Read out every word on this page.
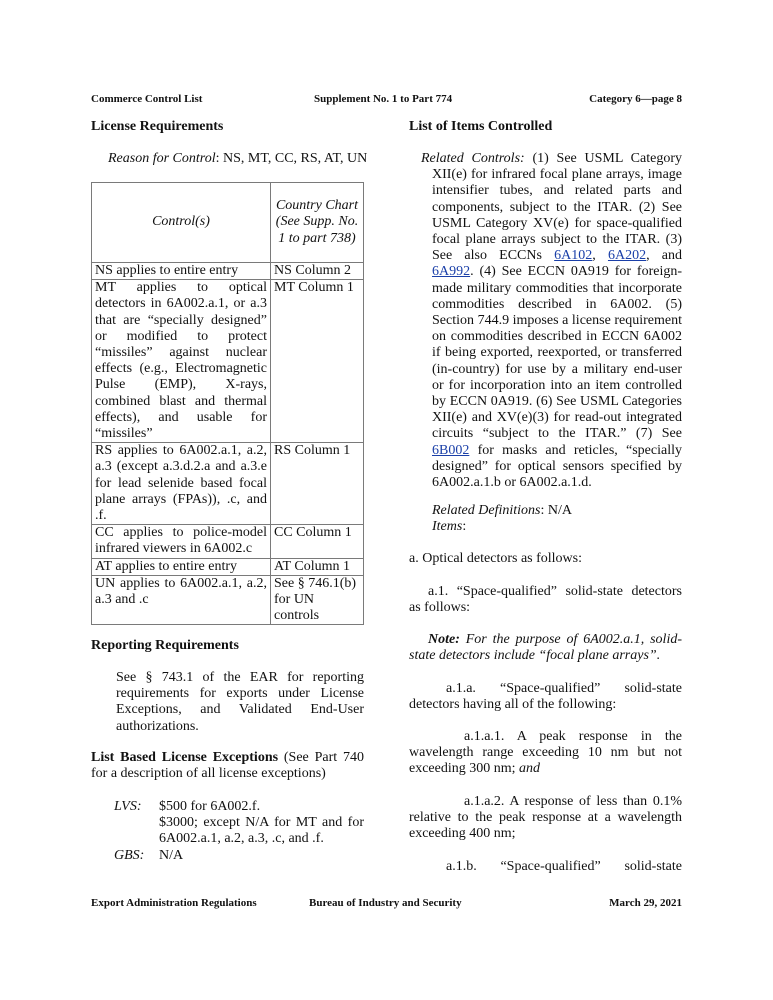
Commerce Control List	Supplement No. 1 to Part 774	Category 6—page 8
License Requirements
Reason for Control: NS, MT, CC, RS, AT, UN
Control(s)	Country Chart (See Supp. No. 1 to part 738)
NS applies to entire entry	NS Column 2
MT applies to optical detectors in 6A002.a.1, or a.3 that are “specially designed” or modified to protect “missiles” against nuclear effects (e.g., Electromagnetic Pulse (EMP), X-rays, combined blast and thermal effects), and usable for “missiles”	MT Column 1
RS applies to 6A002.a.1, a.2, a.3 (except a.3.d.2.a and a.3.e for lead selenide based focal plane arrays (FPAs)), .c, and .f.	RS Column 1
CC applies to police-model infrared viewers in 6A002.c	CC Column 1
AT applies to entire entry	AT Column 1
UN applies to 6A002.a.1, a.2, a.3 and .c	See § 746.1(b) for UN controls
Reporting Requirements
See § 743.1 of the EAR for reporting requirements for exports under License Exceptions, and Validated End-User authorizations.
List Based License Exceptions (See Part 740 for a description of all license exceptions)
LVS:	$500 for 6A002.f.
$3000; except N/A for MT and for 6A002.a.1, a.2, a.3, .c, and .f.
GBS:	N/A
List of Items Controlled
Related Controls: (1) See USML Category XII(e) for infrared focal plane arrays, image intensifier tubes, and related parts and components, subject to the ITAR. (2) See USML Category XV(e) for space-qualified focal plane arrays subject to the ITAR. (3) See also ECCNs 6A102, 6A202, and 6A992. (4) See ECCN 0A919 for foreign-made military commodities that incorporate commodities described in 6A002. (5) Section 744.9 imposes a license requirement on commodities described in ECCN 6A002 if being exported, reexported, or transferred (in-country) for use by a military end-user or for incorporation into an item controlled by ECCN 0A919. (6) See USML Categories XII(e) and XV(e)(3) for read-out integrated circuits “subject to the ITAR.” (7) See 6B002 for masks and reticles, “specially designed” for optical sensors specified by 6A002.a.1.b or 6A002.a.1.d.
Related Definitions: N/A
Items:
a. Optical detectors as follows:
a.1. “Space-qualified” solid-state detectors as follows:
Note: For the purpose of 6A002.a.1, solid-state detectors include “focal plane arrays”.
a.1.a. “Space-qualified” solid-state detectors having all of the following:
a.1.a.1. A peak response in the wavelength range exceeding 10 nm but not exceeding 300 nm; and
a.1.a.2. A response of less than 0.1% relative to the peak response at a wavelength exceeding 400 nm;
a.1.b. “Space-qualified” solid-state
Export Administration Regulations	Bureau of Industry and Security	March 29, 2021
